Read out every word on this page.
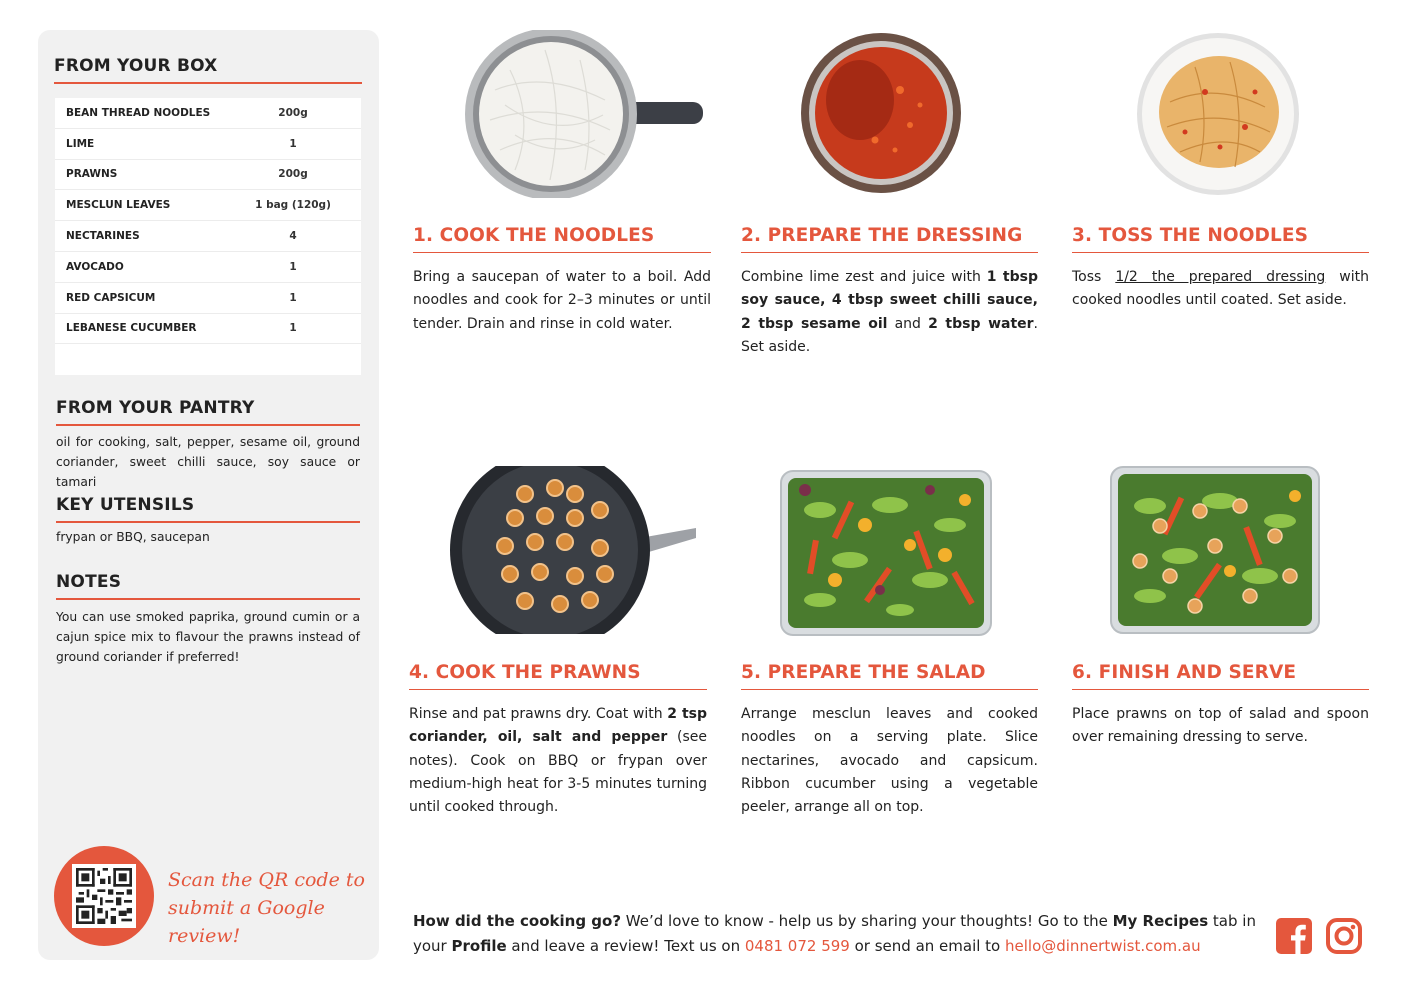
FROM YOUR BOX
BEAN THREAD NOODLES	200g
LIME	1
PRAWNS	200g
MESCLUN LEAVES	1 bag (120g)
NECTARINES	4
AVOCADO	1
RED CAPSICUM	1
LEBANESE CUCUMBER	1
FROM YOUR PANTRY
oil for cooking, salt, pepper, sesame oil, ground coriander, sweet chilli sauce, soy sauce or tamari
KEY UTENSILS
frypan or BBQ, saucepan
NOTES
You can use smoked paprika, ground cumin or a cajun spice mix to flavour the prawns instead of ground coriander if preferred!
Scan the QR code to
submit a Google review!
1. COOK THE NOODLES
Bring a saucepan of water to a boil. Add noodles and cook for 2–3 minutes or until tender. Drain and rinse in cold water.
2. PREPARE THE DRESSING
Combine lime zest and juice with 1 tbsp soy sauce, 4 tbsp sweet chilli sauce, 2 tbsp sesame oil and 2 tbsp water. Set aside.
3. TOSS THE NOODLES
Toss 1/2 the prepared dressing with cooked noodles until coated. Set aside.
4. COOK THE PRAWNS
Rinse and pat prawns dry. Coat with 2 tsp coriander, oil, salt and pepper (see notes). Cook on BBQ or frypan over medium-high heat for 3-5 minutes turning until cooked through.
5. PREPARE THE SALAD
Arrange mesclun leaves and cooked noodles on a serving plate. Slice nectarines, avocado and capsicum. Ribbon cucumber using a vegetable peeler, arrange all on top.
6. FINISH AND SERVE
Place prawns on top of salad and spoon over remaining dressing to serve.
How did the cooking go? We’d love to know - help us by sharing your thoughts! Go to the My Recipes tab in your Profile and leave a review! Text us on 0481 072 599 or send an email to hello@dinnertwist.com.au
